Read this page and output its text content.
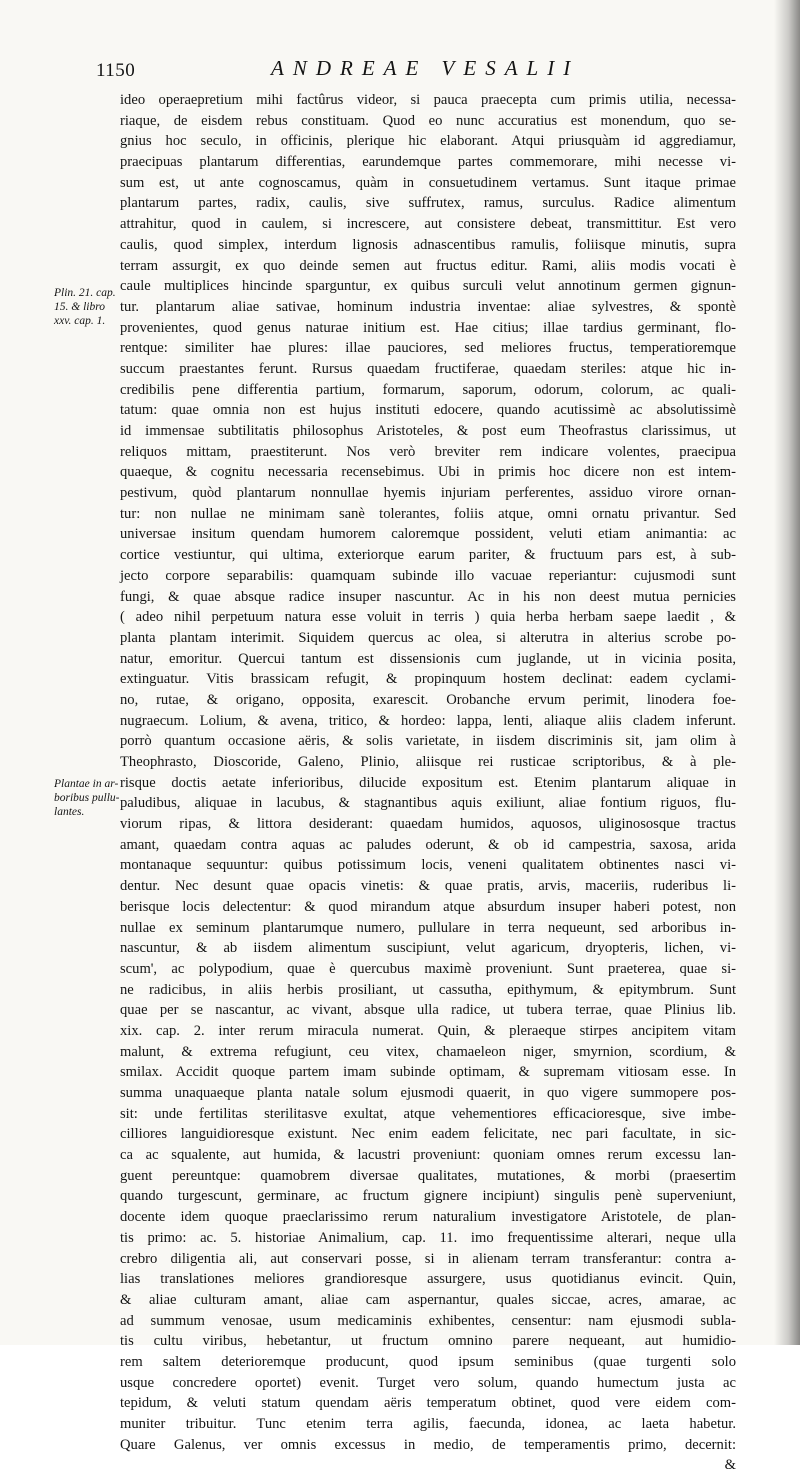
1150	ANDREAE VESALII
Plin. 21. cap.
15. & libro
xxv. cap. 1.
Plantae in ar-
boribus pullu-
lantes.
ideo operaepretium mihi factûrus videor, si pauca praecepta cum primis utilia, necessa-
riaque, de eisdem rebus constituam. Quod eo nunc accuratius est monendum, quo se-
gnius hoc seculo, in officinis, plerique hic elaborant. Atqui priusquàm id aggrediamur,
praecipuas plantarum differentias, earundemque partes commemorare, mihi necesse vi-
sum est, ut ante cognoscamus, quàm in consuetudinem vertamus. Sunt itaque primae
plantarum partes, radix, caulis, sive suffrutex, ramus, surculus. Radice alimentum
attrahitur, quod in caulem, si increscere, aut consistere debeat, transmittitur. Est vero
caulis, quod simplex, interdum lignosis adnascentibus ramulis, foliisque minutis, supra
terram assurgit, ex quo deinde semen aut fructus editur. Rami, aliis modis vocati è
caule multiplices hincinde sparguntur, ex quibus surculi velut annotinum germen gignun-
tur. plantarum aliae sativae, hominum industria inventae: aliae sylvestres, & spontè
provenientes, quod genus naturae initium est. Hae citius; illae tardius germinant, flo-
rentque: similiter hae plures: illae pauciores, sed meliores fructus, temperatioremque
succum praestantes ferunt. Rursus quaedam fructiferae, quaedam steriles: atque hic in-
credibilis pene differentia partium, formarum, saporum, odorum, colorum, ac quali-
tatum: quae omnia non est hujus instituti edocere, quando acutissimè ac absolutissimè
id immensae subtilitatis philosophus Aristoteles, & post eum Theofrastus clarissimus, ut
reliquos mittam, praestiterunt. Nos verò breviter rem indicare volentes, praecipua
quaeque, & cognitu necessaria recensebimus. Ubi in primis hoc dicere non est intem-
pestivum, quòd plantarum nonnullae hyemis injuriam perferentes, assiduo virore ornan-
tur: non nullae ne minimam sanè tolerantes, foliis atque, omni ornatu privantur. Sed
universae insitum quendam humorem caloremque possident, veluti etiam animantia: ac
cortice vestiuntur, qui ultima, exteriorque earum pariter, & fructuum pars est, à sub-
jecto corpore separabilis: quamquam subinde illo vacuae reperiantur: cujusmodi sunt
fungi, & quae absque radice insuper nascuntur. Ac in his non deest mutua pernicies
( adeo nihil perpetuum natura esse voluit in terris ) quia herba herbam saepe laedit , &
planta plantam interimit. Siquidem quercus ac olea, si alterutra in alterius scrobe po-
natur, emoritur. Quercui tantum est dissensionis cum juglande, ut in vicinia posita,
extinguatur. Vitis brassicam refugit, & propinquum hostem declinat: eadem cyclami-
no, rutae, & origano, opposita, exarescit. Orobanche ervum perimit, linodera foe-
nugraecum. Lolium, & avena, tritico, & hordeo: lappa, lenti, aliaque aliis cladem inferunt.
porrò quantum occasione aëris, & solis varietate, in iisdem discriminis sit, jam olim à
Theophrasto, Dioscoride, Galeno, Plinio, aliisque rei rusticae scriptoribus, & à ple-
risque doctis aetate inferioribus, dilucide expositum est. Etenim plantarum aliquae in
paludibus, aliquae in lacubus, & stagnantibus aquis exiliunt, aliae fontium riguos, flu-
viorum ripas, & littora desiderant: quaedam humidos, aquosos, uliginososque tractus
amant, quaedam contra aquas ac paludes oderunt, & ob id campestria, saxosa, arida
montanaque sequuntur: quibus potissimum locis, veneni qualitatem obtinentes nasci vi-
dentur. Nec desunt quae opacis vinetis: & quae pratis, arvis, maceriis, ruderibus li-
berisque locis delectentur: & quod mirandum atque absurdum insuper haberi potest, non
nullae ex seminum plantarumque numero, pullulare in terra nequeunt, sed arboribus in-
nascuntur, & ab iisdem alimentum suscipiunt, velut agaricum, dryopteris, lichen, vi-
scum', ac polypodium, quae è quercubus maximè proveniunt. Sunt praeterea, quae si-
ne radicibus, in aliis herbis prosiliant, ut cassutha, epithymum, & epitymbrum. Sunt
quae per se nascantur, ac vivant, absque ulla radice, ut tubera terrae, quae Plinius lib.
xix. cap. 2. inter rerum miracula numerat. Quin, & pleraeque stirpes ancipitem vitam
malunt, & extrema refugiunt, ceu vitex, chamaeleon niger, smyrnion, scordium, &
smilax. Accidit quoque partem imam subinde optimam, & supremam vitiosam esse. In
summa unaquaeque planta natale solum ejusmodi quaerit, in quo vigere summopere pos-
sit: unde fertilitas sterilitasve exultat, atque vehementiores efficacioresque, sive imbe-
cilliores languidioresque existunt. Nec enim eadem felicitate, nec pari facultate, in sic-
ca ac squalente, aut humida, & lacustri proveniunt: quoniam omnes rerum excessu lan-
guent pereuntque: quamobrem diversae qualitates, mutationes, & morbi (praesertim
quando turgescunt, germinare, ac fructum gignere incipiunt) singulis penè superveniunt,
docente idem quoque praeclarissimo rerum naturalium investigatore Aristotele, de plan-
tis primo: ac. 5. historiae Animalium, cap. 11. imo frequentissime alterari, neque ulla
crebro diligentia ali, aut conservari posse, si in alienam terram transferantur: contra a-
lias translationes meliores grandioresque assurgere, usus quotidianus evincit. Quin,
& aliae culturam amant, aliae cam aspernantur, quales siccae, acres, amarae, ac
ad summum venosae, usum medicaminis exhibentes, censentur: nam ejusmodi subla-
tis cultu viribus, hebetantur, ut fructum omnino parere nequeant, aut humidio-
rem saltem deterioremque producunt, quod ipsum seminibus (quae turgenti solo
usque concredere oportet) evenit. Turget vero solum, quando humectum justa ac
tepidum, & veluti statum quendam aëris temperatum obtinet, quod vere eidem com-
muniter tribuitur. Tunc etenim terra agilis, faecunda, idonea, ac laeta habetur.
Quare Galenus, ver omnis excessus in medio, de temperamentis primo, decernit:
&
